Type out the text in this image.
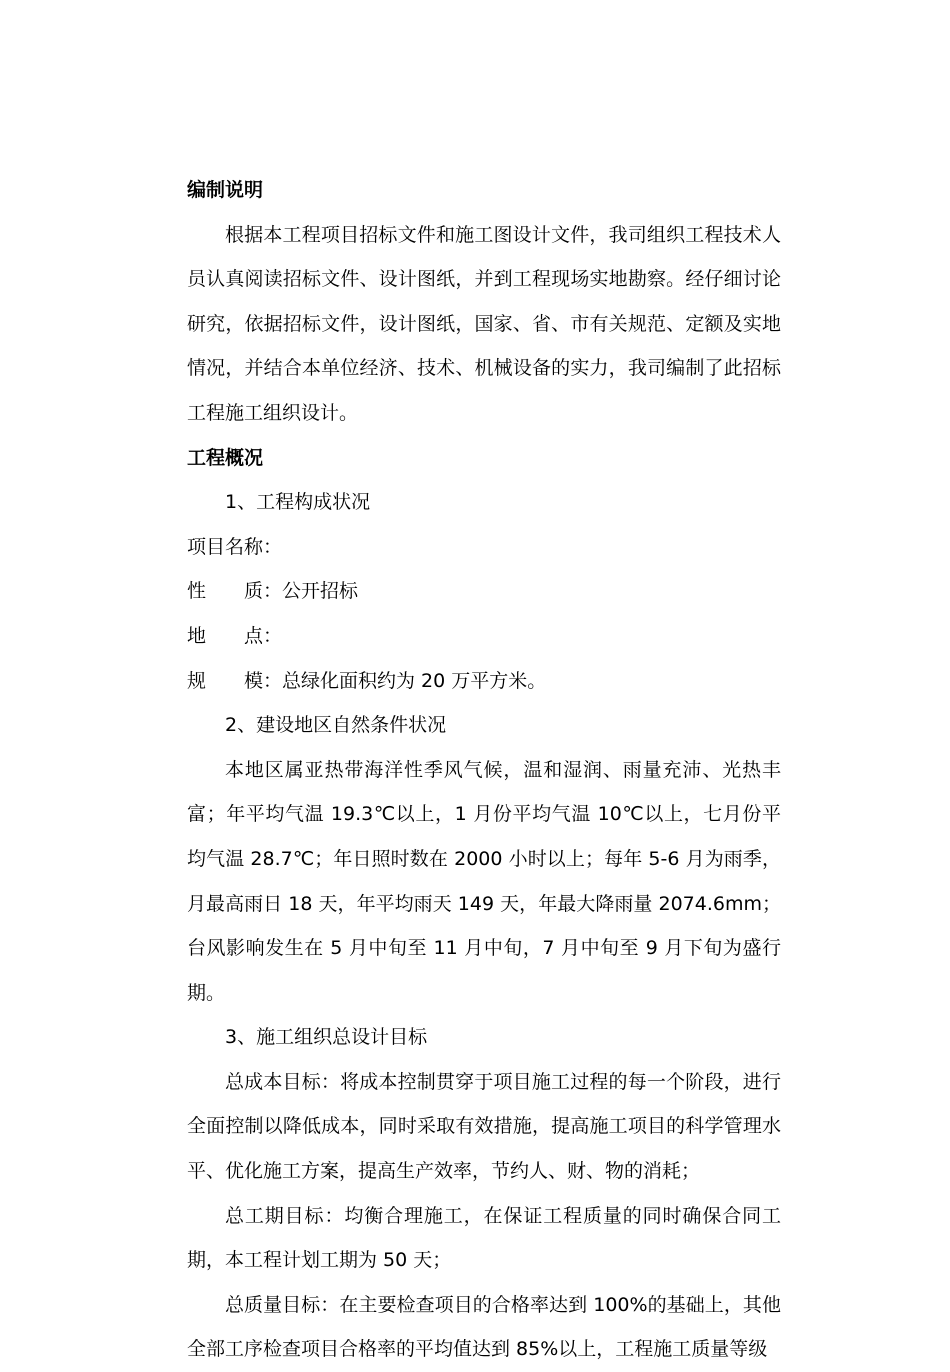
编制说明
根据本工程项目招标文件和施工图设计文件，我司组织工程技术人员认真阅读招标文件、设计图纸，并到工程现场实地勘察。经仔细讨论研究，依据招标文件，设计图纸，国家、省、市有关规范、定额及实地情况，并结合本单位经济、技术、机械设备的实力，我司编制了此招标工程施工组织设计。
工程概况
1、工程构成状况
项目名称：
性 质：公开招标
地 点：
规 模：总绿化面积约为 20 万平方米。
2、建设地区自然条件状况
本地区属亚热带海洋性季风气候，温和湿润、雨量充沛、光热丰富；年平均气温 19.3℃以上，1 月份平均气温 10℃以上，七月份平均气温 28.7℃；年日照时数在 2000 小时以上；每年 5-6 月为雨季，月最高雨日 18 天，年平均雨天 149 天，年最大降雨量 2074.6mm；台风影响发生在 5 月中旬至 11 月中旬，7 月中旬至 9 月下旬为盛行期。
3、施工组织总设计目标
总成本目标：将成本控制贯穿于项目施工过程的每一个阶段，进行全面控制以降低成本，同时采取有效措施，提高施工项目的科学管理水平、优化施工方案，提高生产效率，节约人、财、物的消耗；
总工期目标：均衡合理施工，在保证工程质量的同时确保合同工期，本工程计划工期为 50 天；
总质量目标：在主要检查项目的合格率达到 100%的基础上，其他全部工序检查项目合格率的平均值达到 85%以上，工程施工质量等级
